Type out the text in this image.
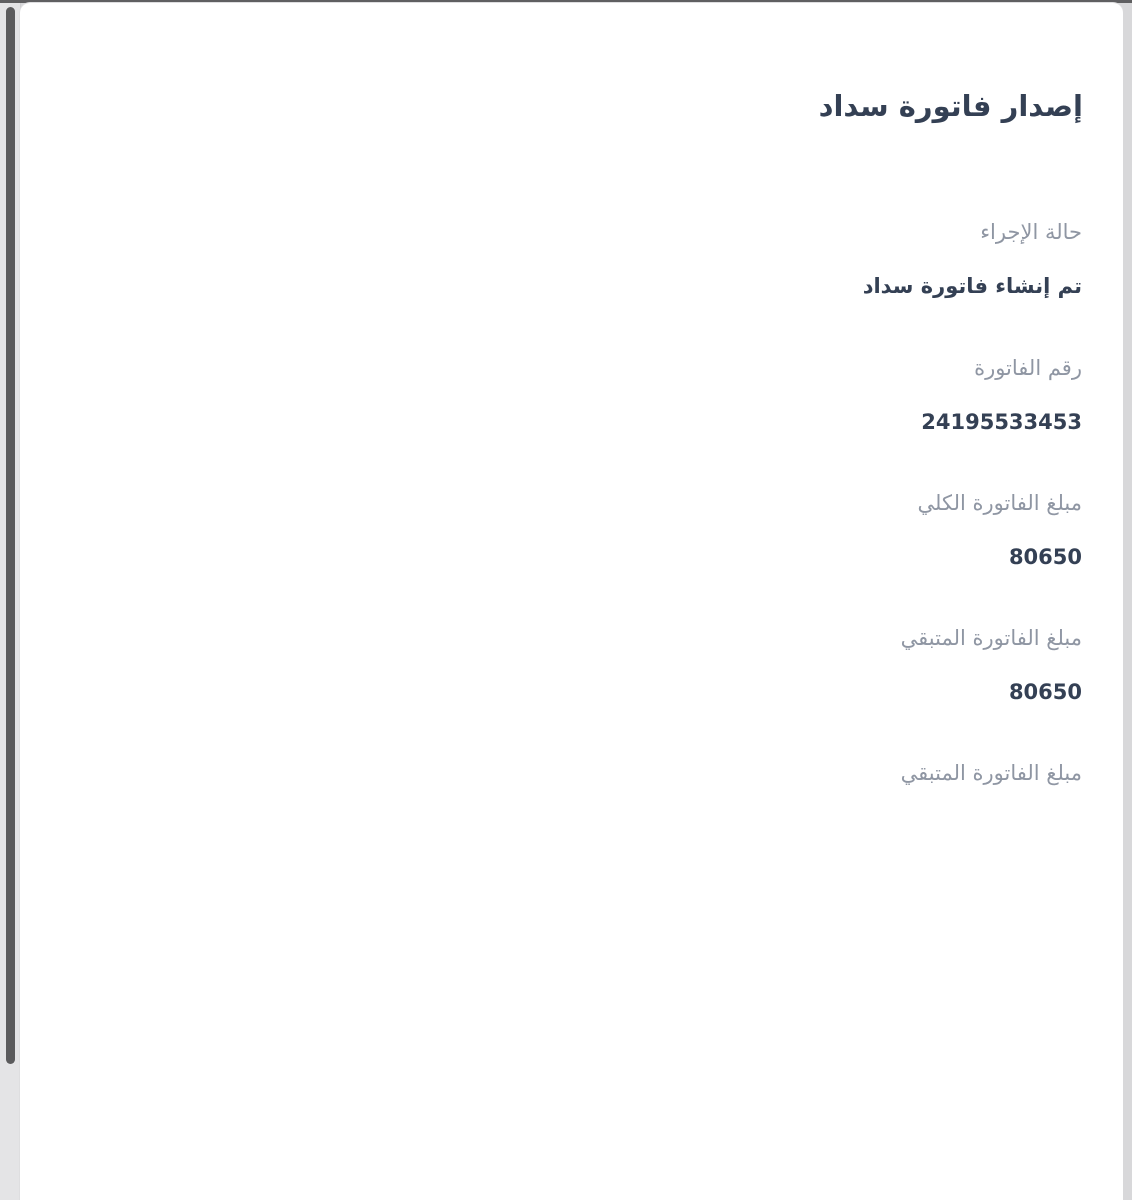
إصدار فاتورة سداد
حالة الإجراء
تم إنشاء فاتورة سداد
رقم الفاتورة
24195533453
مبلغ الفاتورة الكلي
80650
مبلغ الفاتورة المتبقي
80650
مبلغ الفاتورة المتبقي
